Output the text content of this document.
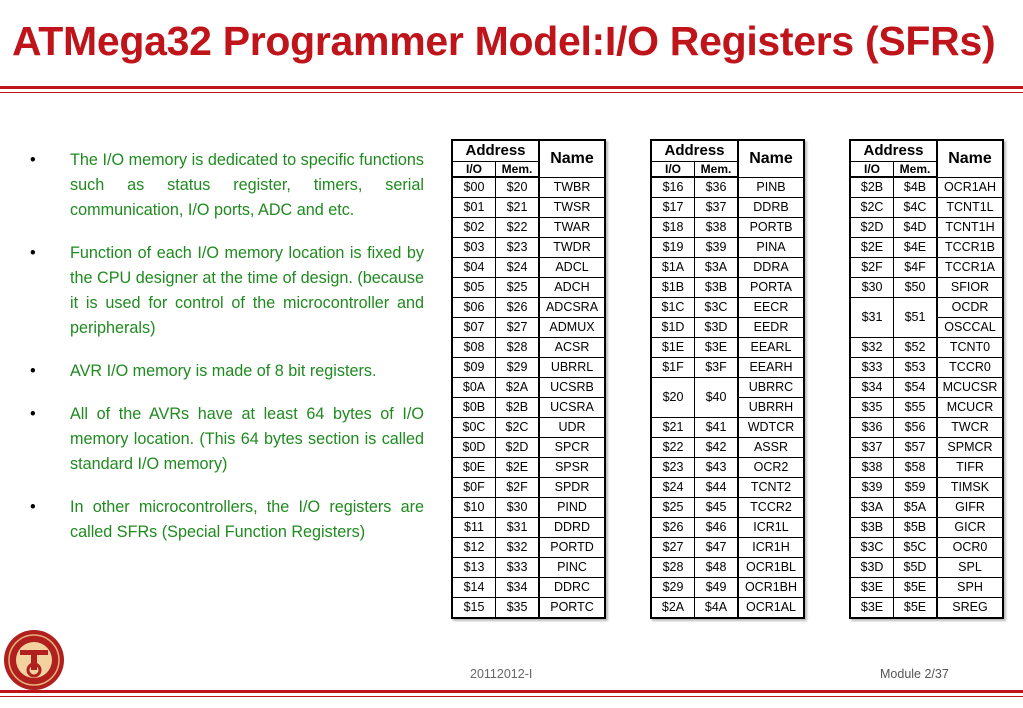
ATMega32 Programmer Model:I/O Registers (SFRs)
• The I/O memory is dedicated to specific functions such as status register, timers, serial communication, I/O ports, ADC and etc.
• Function of each I/O memory location is fixed by the CPU designer at the time of design. (because it is used for control of the microcontroller and peripherals)
• AVR I/O memory is made of 8 bit registers.
• All of the AVRs have at least 64 bytes of I/O memory location. (This 64 bytes section is called standard I/O memory)
• In other microcontrollers, the I/O registers are called SFRs (Special Function Registers)
Address		Name
I/O	Mem.	
$00	$20	TWBR
$01	$21	TWSR
$02	$22	TWAR
$03	$23	TWDR
$04	$24	ADCL
$05	$25	ADCH
$06	$26	ADCSRA
$07	$27	ADMUX
$08	$28	ACSR
$09	$29	UBRRL
$0A	$2A	UCSRB
$0B	$2B	UCSRA
$0C	$2C	UDR
$0D	$2D	SPCR
$0E	$2E	SPSR
$0F	$2F	SPDR
$10	$30	PIND
$11	$31	DDRD
$12	$32	PORTD
$13	$33	PINC
$14	$34	DDRC
$15	$35	PORTC
Address		Name
I/O	Mem.	
$16	$36	PINB
$17	$37	DDRB
$18	$38	PORTB
$19	$39	PINA
$1A	$3A	DDRA
$1B	$3B	PORTA
$1C	$3C	EECR
$1D	$3D	EEDR
$1E	$3E	EEARL
$1F	$3F	EEARH
$20	$40	UBRRC
		UBRRH
$21	$41	WDTCR
$22	$42	ASSR
$23	$43	OCR2
$24	$44	TCNT2
$25	$45	TCCR2
$26	$46	ICR1L
$27	$47	ICR1H
$28	$48	OCR1BL
$29	$49	OCR1BH
$2A	$4A	OCR1AL
Address		Name
I/O	Mem.	
$2B	$4B	OCR1AH
$2C	$4C	TCNT1L
$2D	$4D	TCNT1H
$2E	$4E	TCCR1B
$2F	$4F	TCCR1A
$30	$50	SFIOR
$31	$51	OCDR
		OSCCAL
$32	$52	TCNT0
$33	$53	TCCR0
$34	$54	MCUCSR
$35	$55	MCUCR
$36	$56	TWCR
$37	$57	SPMCR
$38	$58	TIFR
$39	$59	TIMSK
$3A	$5A	GIFR
$3B	$5B	GICR
$3C	$5C	OCR0
$3D	$5D	SPL
$3E	$5E	SPH
$3E	$5E	SREG
20112012-I	Module 2/37
